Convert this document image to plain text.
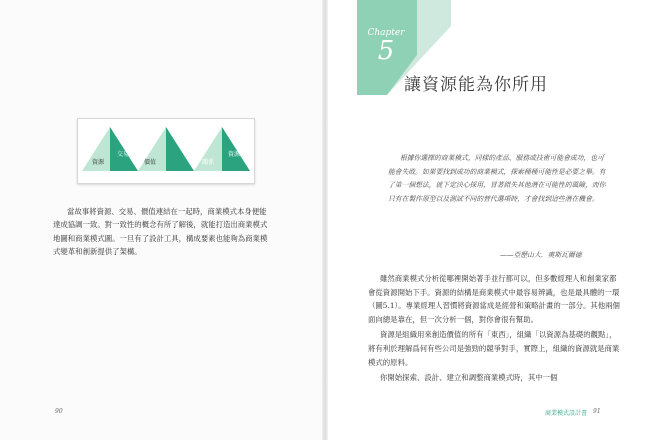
資源
交易
價值	關係
資源

當故事將資源、交易、價值連結在一起時，商業模式本身便能達成協調一致。對一致性的概念有所了解後，就能打造出商業模式地圖和商業模式圖。一旦有了設計工具，構成要素也能夠為商業模式變革和創新提供了架構。

90
Chapter
5
讓資源能為你所用

根據你選擇的商業模式，同樣的產品、服務或技術可能會成功，也可能會失敗。如果要找到成功的商業模式，探索種種可能性是必要之舉。有了第一個想法，就下定決心採用，冒著錯失其他潛在可能性的風險，而你只有在製作原型以及測試不同的替代選項時，才會找到這些潛在機會。

——亞歷山大．奧斯瓦爾德

雖然商業模式分析從哪裡開始著手並行都可以，但多數經理人和創業家都會從資源開始下手。資源的結構是商業模式中最容易辨識，也是最具體的一環（圖5.1）。專業經理人習慣將資源當成是經營和策略計畫的一部分。其他兩個面向總是靠在，但一次分析一個，對你會很有幫助。

資源是組織用來創造價值的所有「東西」，組織「以資源為基礎的觀點」，將有利於理解爲何有些公司是強勁的競爭對手，實際上，組織的資源就是商業模式的原料。

你開始探索、設計、建立和調整商業模式時，其中一個

商業模式設計書 91
